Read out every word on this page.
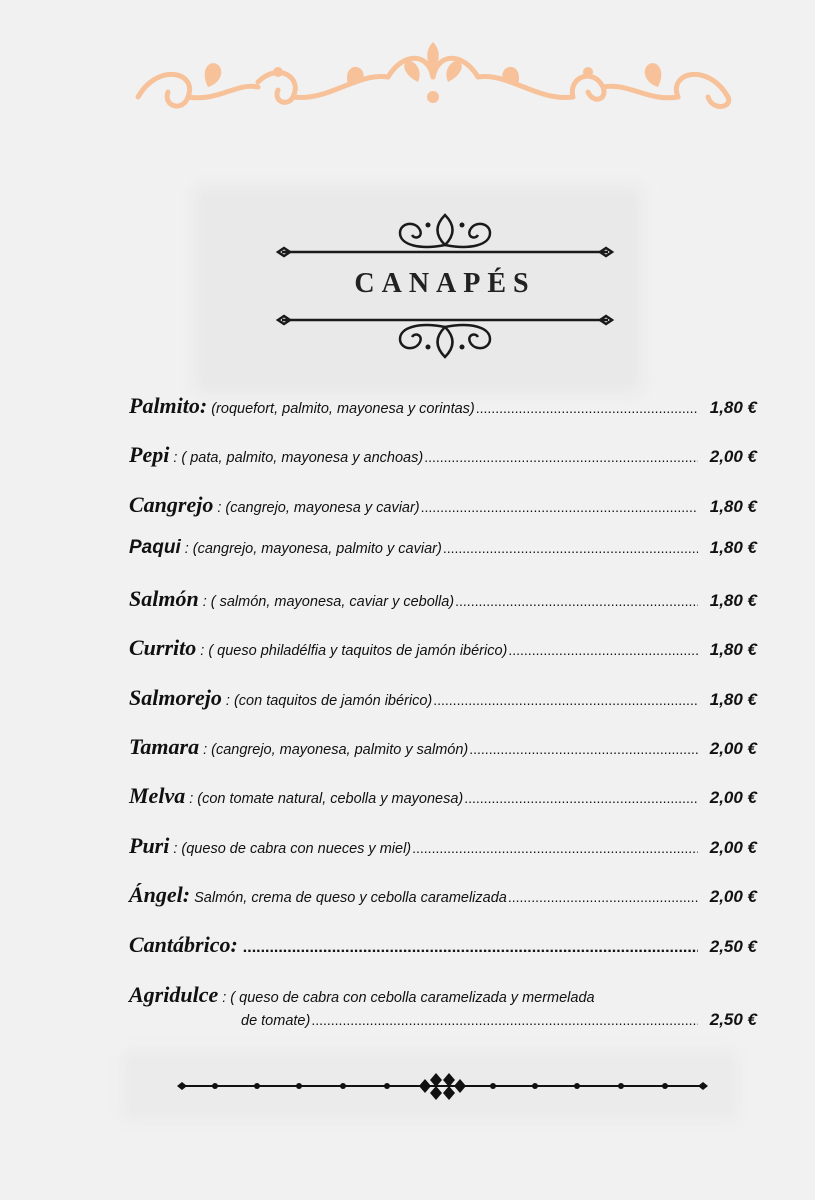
CANAPÉS
Palmito: (roquefort, palmito, mayonesa y corintas) .....	1,80 €
Pepi : ( pata, palmito, mayonesa y anchoas) .....	2,00 €
Cangrejo : (cangrejo, mayonesa y caviar) .....	1,80 €
Paqui : (cangrejo, mayonesa, palmito y caviar) .....	1,80 €
Salmón : ( salmón, mayonesa, caviar y cebolla) .....	1,80 €
Currito : ( queso philadélfia y taquitos de jamón ibérico) .....	1,80 €
Salmorejo : (con taquitos de jamón ibérico) .....	1,80 €
Tamara : (cangrejo, mayonesa, palmito y salmón) .....	2,00 €
Melva : (con tomate natural, cebolla y mayonesa) .....	2,00 €
Puri : (queso de cabra con nueces y miel) .....	2,00 €
Ángel: Salmón, crema de queso y cebolla caramelizada .....	2,00 €
Cantábrico: .....	2,50 €
Agridulce : ( queso de cabra con cebolla caramelizada y mermelada
de tomate) .....	2,50 €
